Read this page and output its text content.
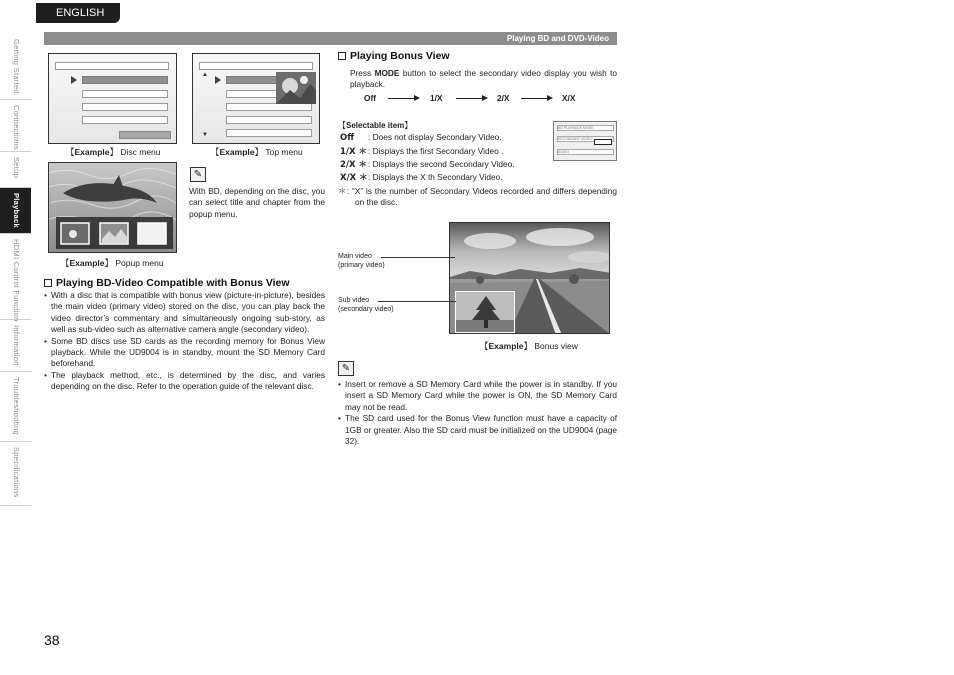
ENGLISH
Playing BD and DVD-Video
Getting Started
Connections
Setup
Playback
HDMI Control Function
Information
Troubleshooting
Specifications
【Example】 Disc menu
▲
▼
【Example】 Top menu
【Example】 Popup menu
✎
With BD, depending on the disc, you can select title and chapter from the popup menu.
Playing BD-Video Compatible with Bonus View
• With a disc that is compatible with bonus view (picture-in-picture), besides the main video (primary video) stored on the disc, you can play back the video director’s commentary and simultaneously ongoing sub-story, as well as sub-video such as alternative camera angle (secondary video).
• Some BD discs use SD cards as the recording memory for Bonus View playback. While the UD9004 is in standby, mount the SD Memory Card beforehand.
• The playback method, etc., is determined by the disc, and varies depending on the disc. Refer to the operation guide of the relevant disc.
Playing Bonus View
Press MODE button to select the secondary video display you wish to playback.
Off	1/X	2/X	X/X
【Selectable item】
Off : Does not display Secondary Video.
1/X ＊: Displays the first Secondary Video .
2/X ＊: Displays the second Secondary Video.
X/X ＊: Displays the X th Secondary Video.
BD PLAYBACK MODE
SECONDARY VIDEO
AUDIO
＊: “X” is the number of Secondary Videos recorded and differs depending on the disc.
Main video
(primary video)
Sub video
(secondary video)
【Example】 Bonus view
✎
• Insert or remove a SD Memory Card while the power is in standby. If you insert a SD Memory Card while the power is ON, the SD Memory Card may not be read.
• The SD card used for the Bonus View function must have a capacity of 1GB or greater. Also the SD card must be initialized on the UD9004 (page 32).
38
